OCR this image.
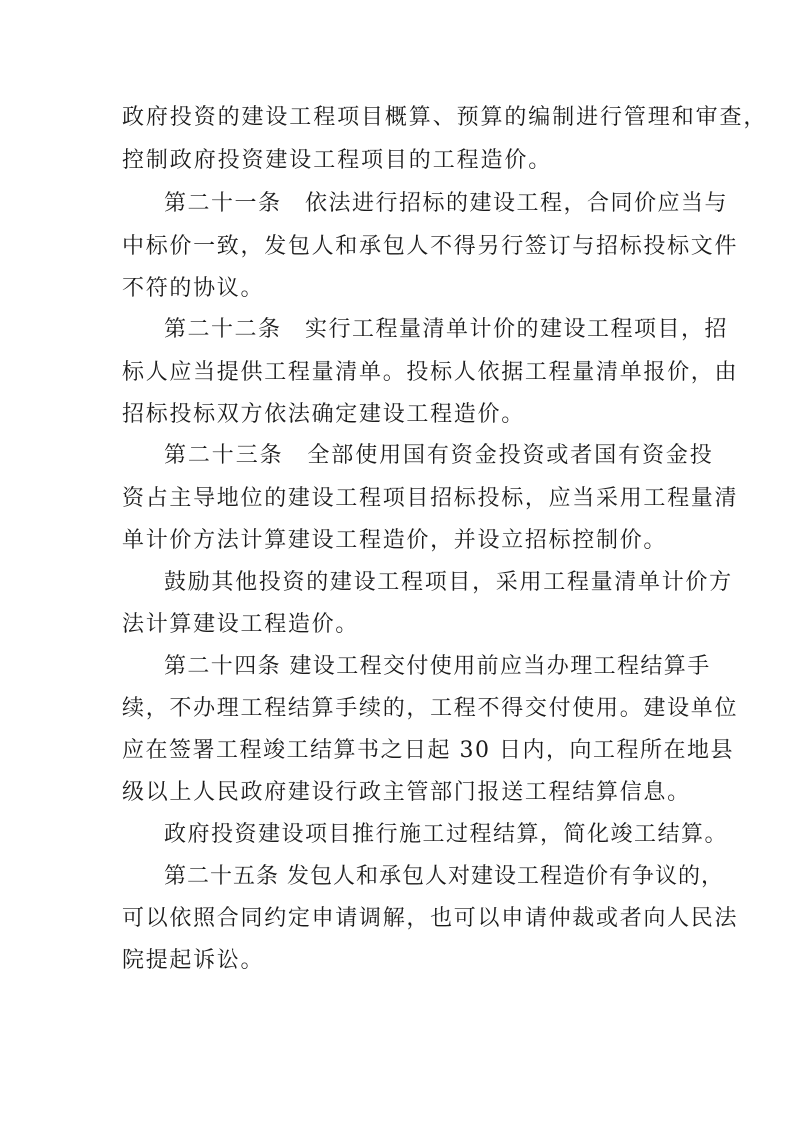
政府投资的建设工程项目概算、预算的编制进行管理和审查，
控制政府投资建设工程项目的工程造价。
第二十一条　依法进行招标的建设工程，合同价应当与
中标价一致，发包人和承包人不得另行签订与招标投标文件
不符的协议。
第二十二条　实行工程量清单计价的建设工程项目，招
标人应当提供工程量清单。投标人依据工程量清单报价，由
招标投标双方依法确定建设工程造价。
第二十三条　全部使用国有资金投资或者国有资金投
资占主导地位的建设工程项目招标投标，应当采用工程量清
单计价方法计算建设工程造价，并设立招标控制价。
鼓励其他投资的建设工程项目，采用工程量清单计价方
法计算建设工程造价。
第二十四条 建设工程交付使用前应当办理工程结算手
续，不办理工程结算手续的，工程不得交付使用。建设单位
应在签署工程竣工结算书之日起 30 日内，向工程所在地县
级以上人民政府建设行政主管部门报送工程结算信息。
政府投资建设项目推行施工过程结算，简化竣工结算。
第二十五条 发包人和承包人对建设工程造价有争议的，
可以依照合同约定申请调解，也可以申请仲裁或者向人民法
院提起诉讼。
